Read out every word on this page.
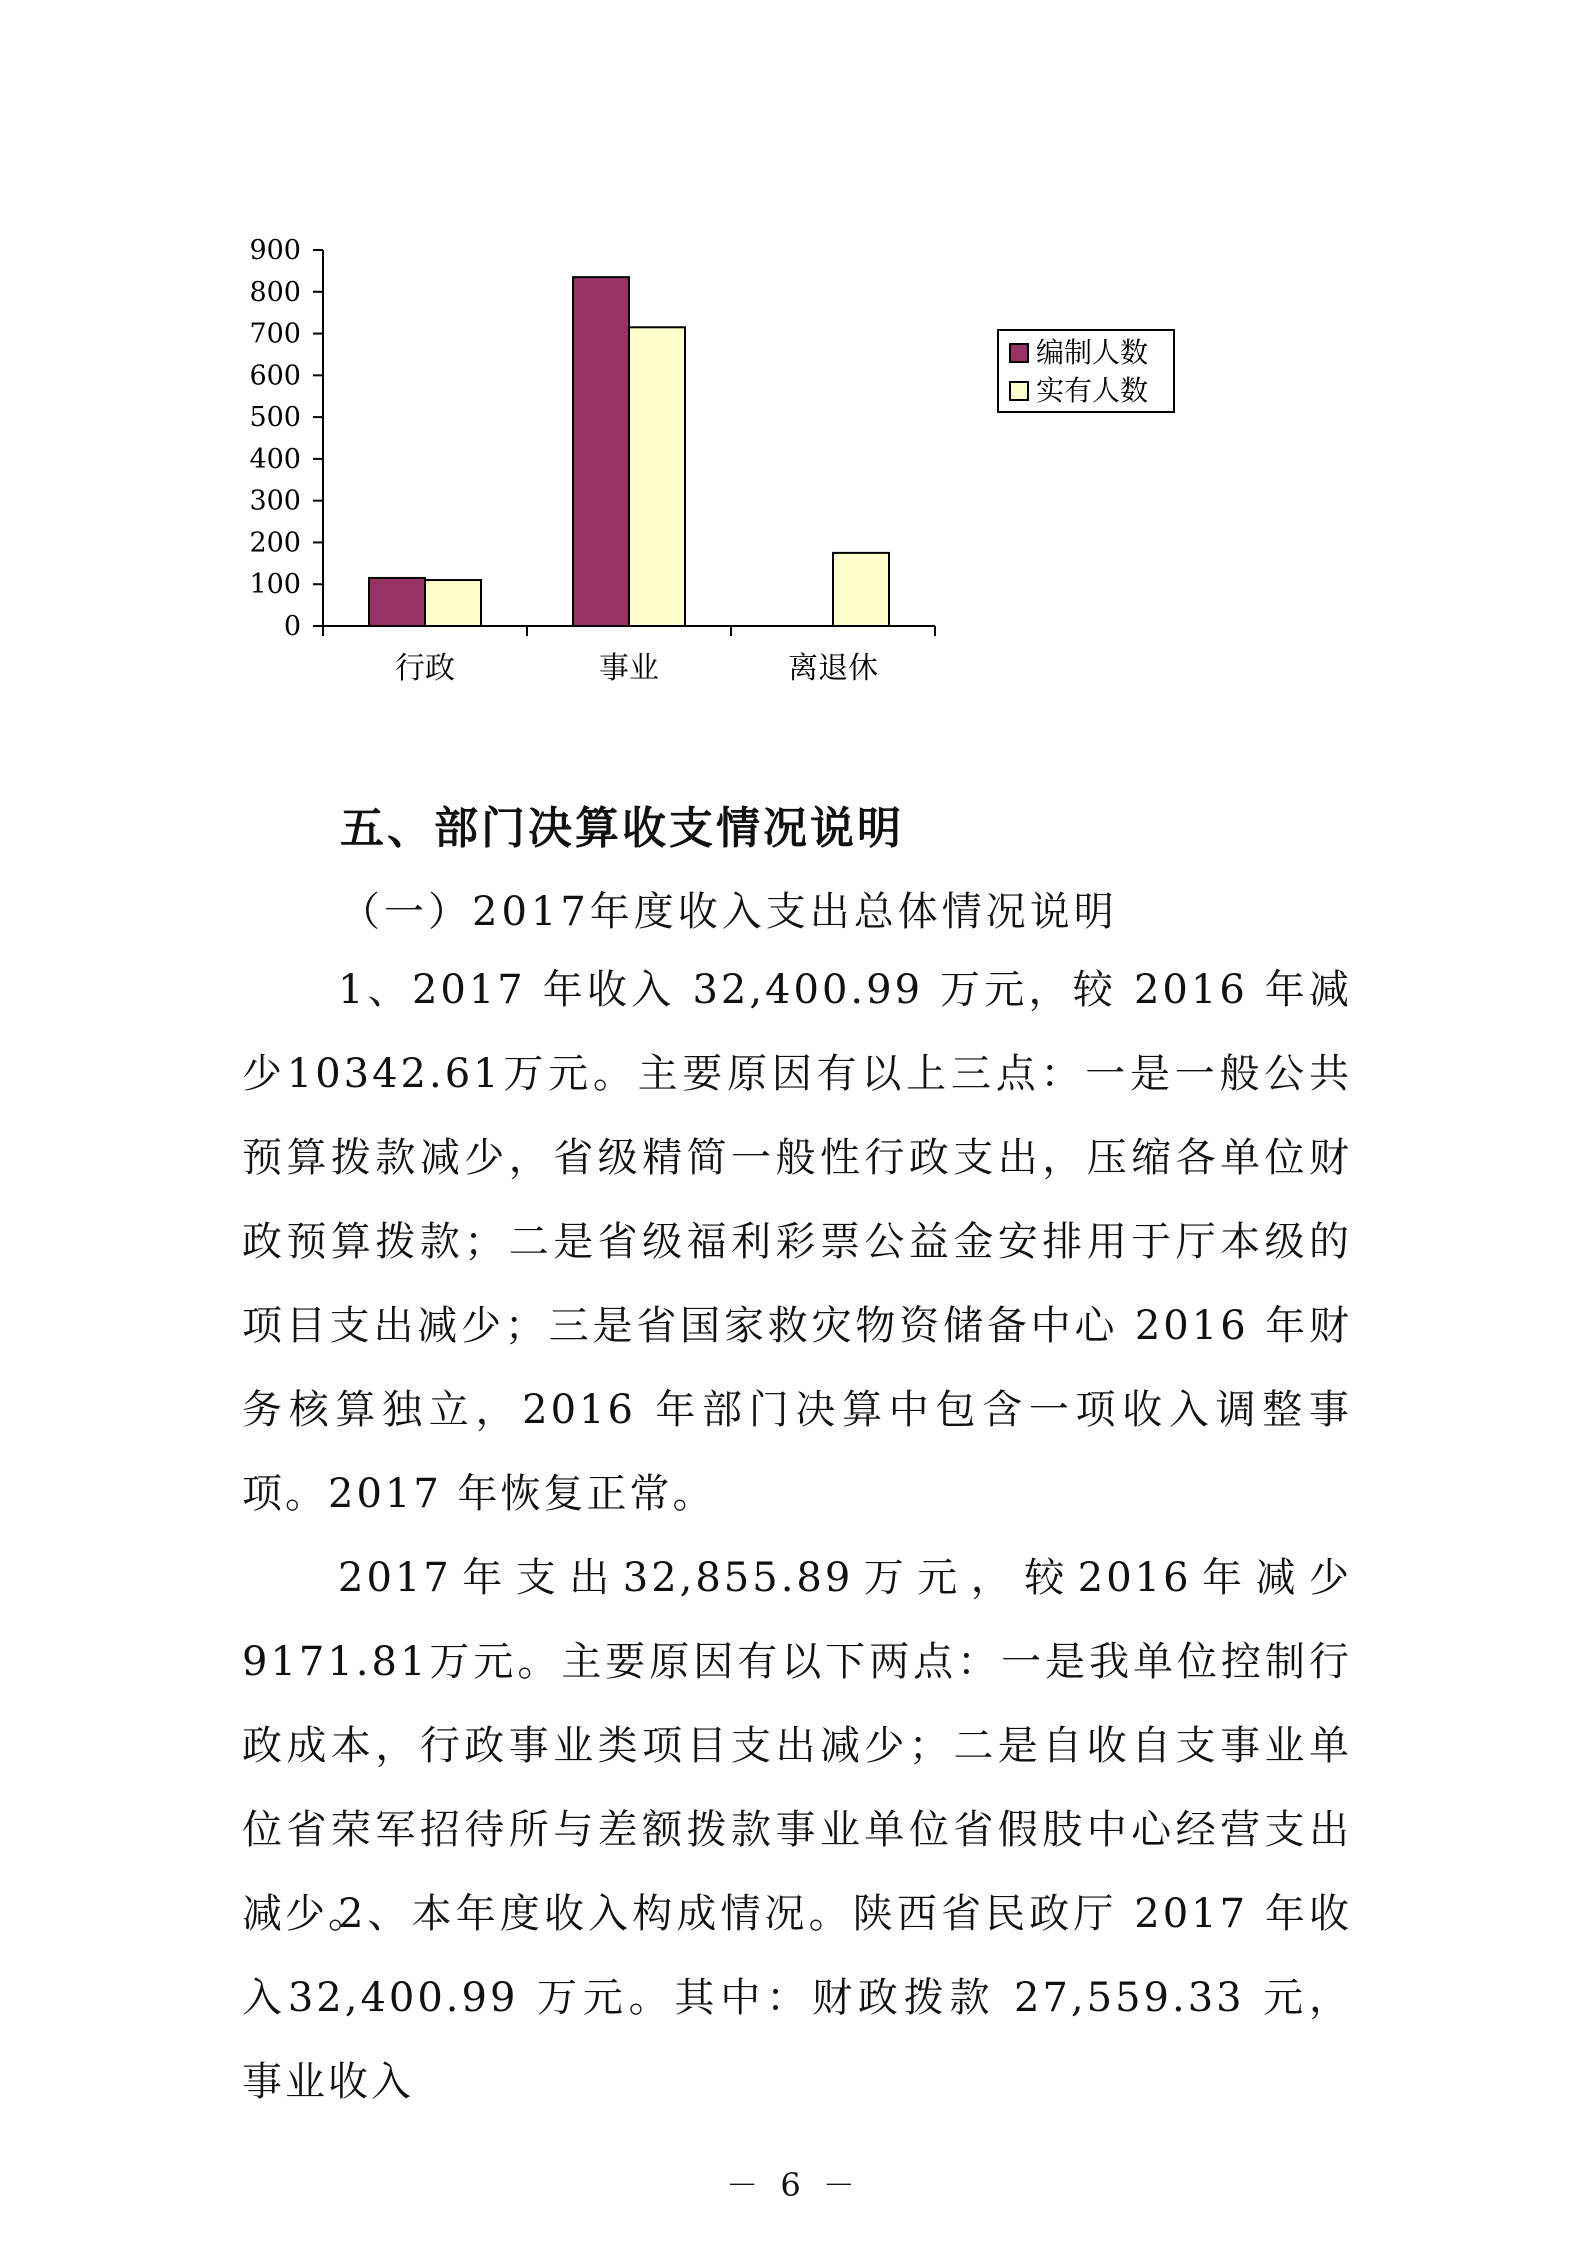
0
100
200
300
400
500
600
700
800
900
行政	事业	离退休
编制人数
实有人数
五、部门决算收支情况说明
（一）2017年度收入支出总体情况说明

1、2017 年收入 32,400.99 万元，较 2016 年减少10342.61万元。主要原因有以上三点：一是一般公共预算拨款减少，省级精简一般性行政支出，压缩各单位财政预算拨款；二是省级福利彩票公益金安排用于厅本级的项目支出减少；三是省国家救灾物资储备中心 2016 年财务核算独立，2016 年部门决算中包含一项收入调整事项。2017 年恢复正常。

2017年支出32,855.89万元，较2016年减少9171.81万元。主要原因有以下两点：一是我单位控制行政成本，行政事业类项目支出减少；二是自收自支事业单位省荣军招待所与差额拨款事业单位省假肢中心经营支出减少。

2、本年度收入构成情况。陕西省民政厅 2017 年收入32,400.99 万元。其中：财政拨款 27,559.33 元，事业收入

－ 6 －
